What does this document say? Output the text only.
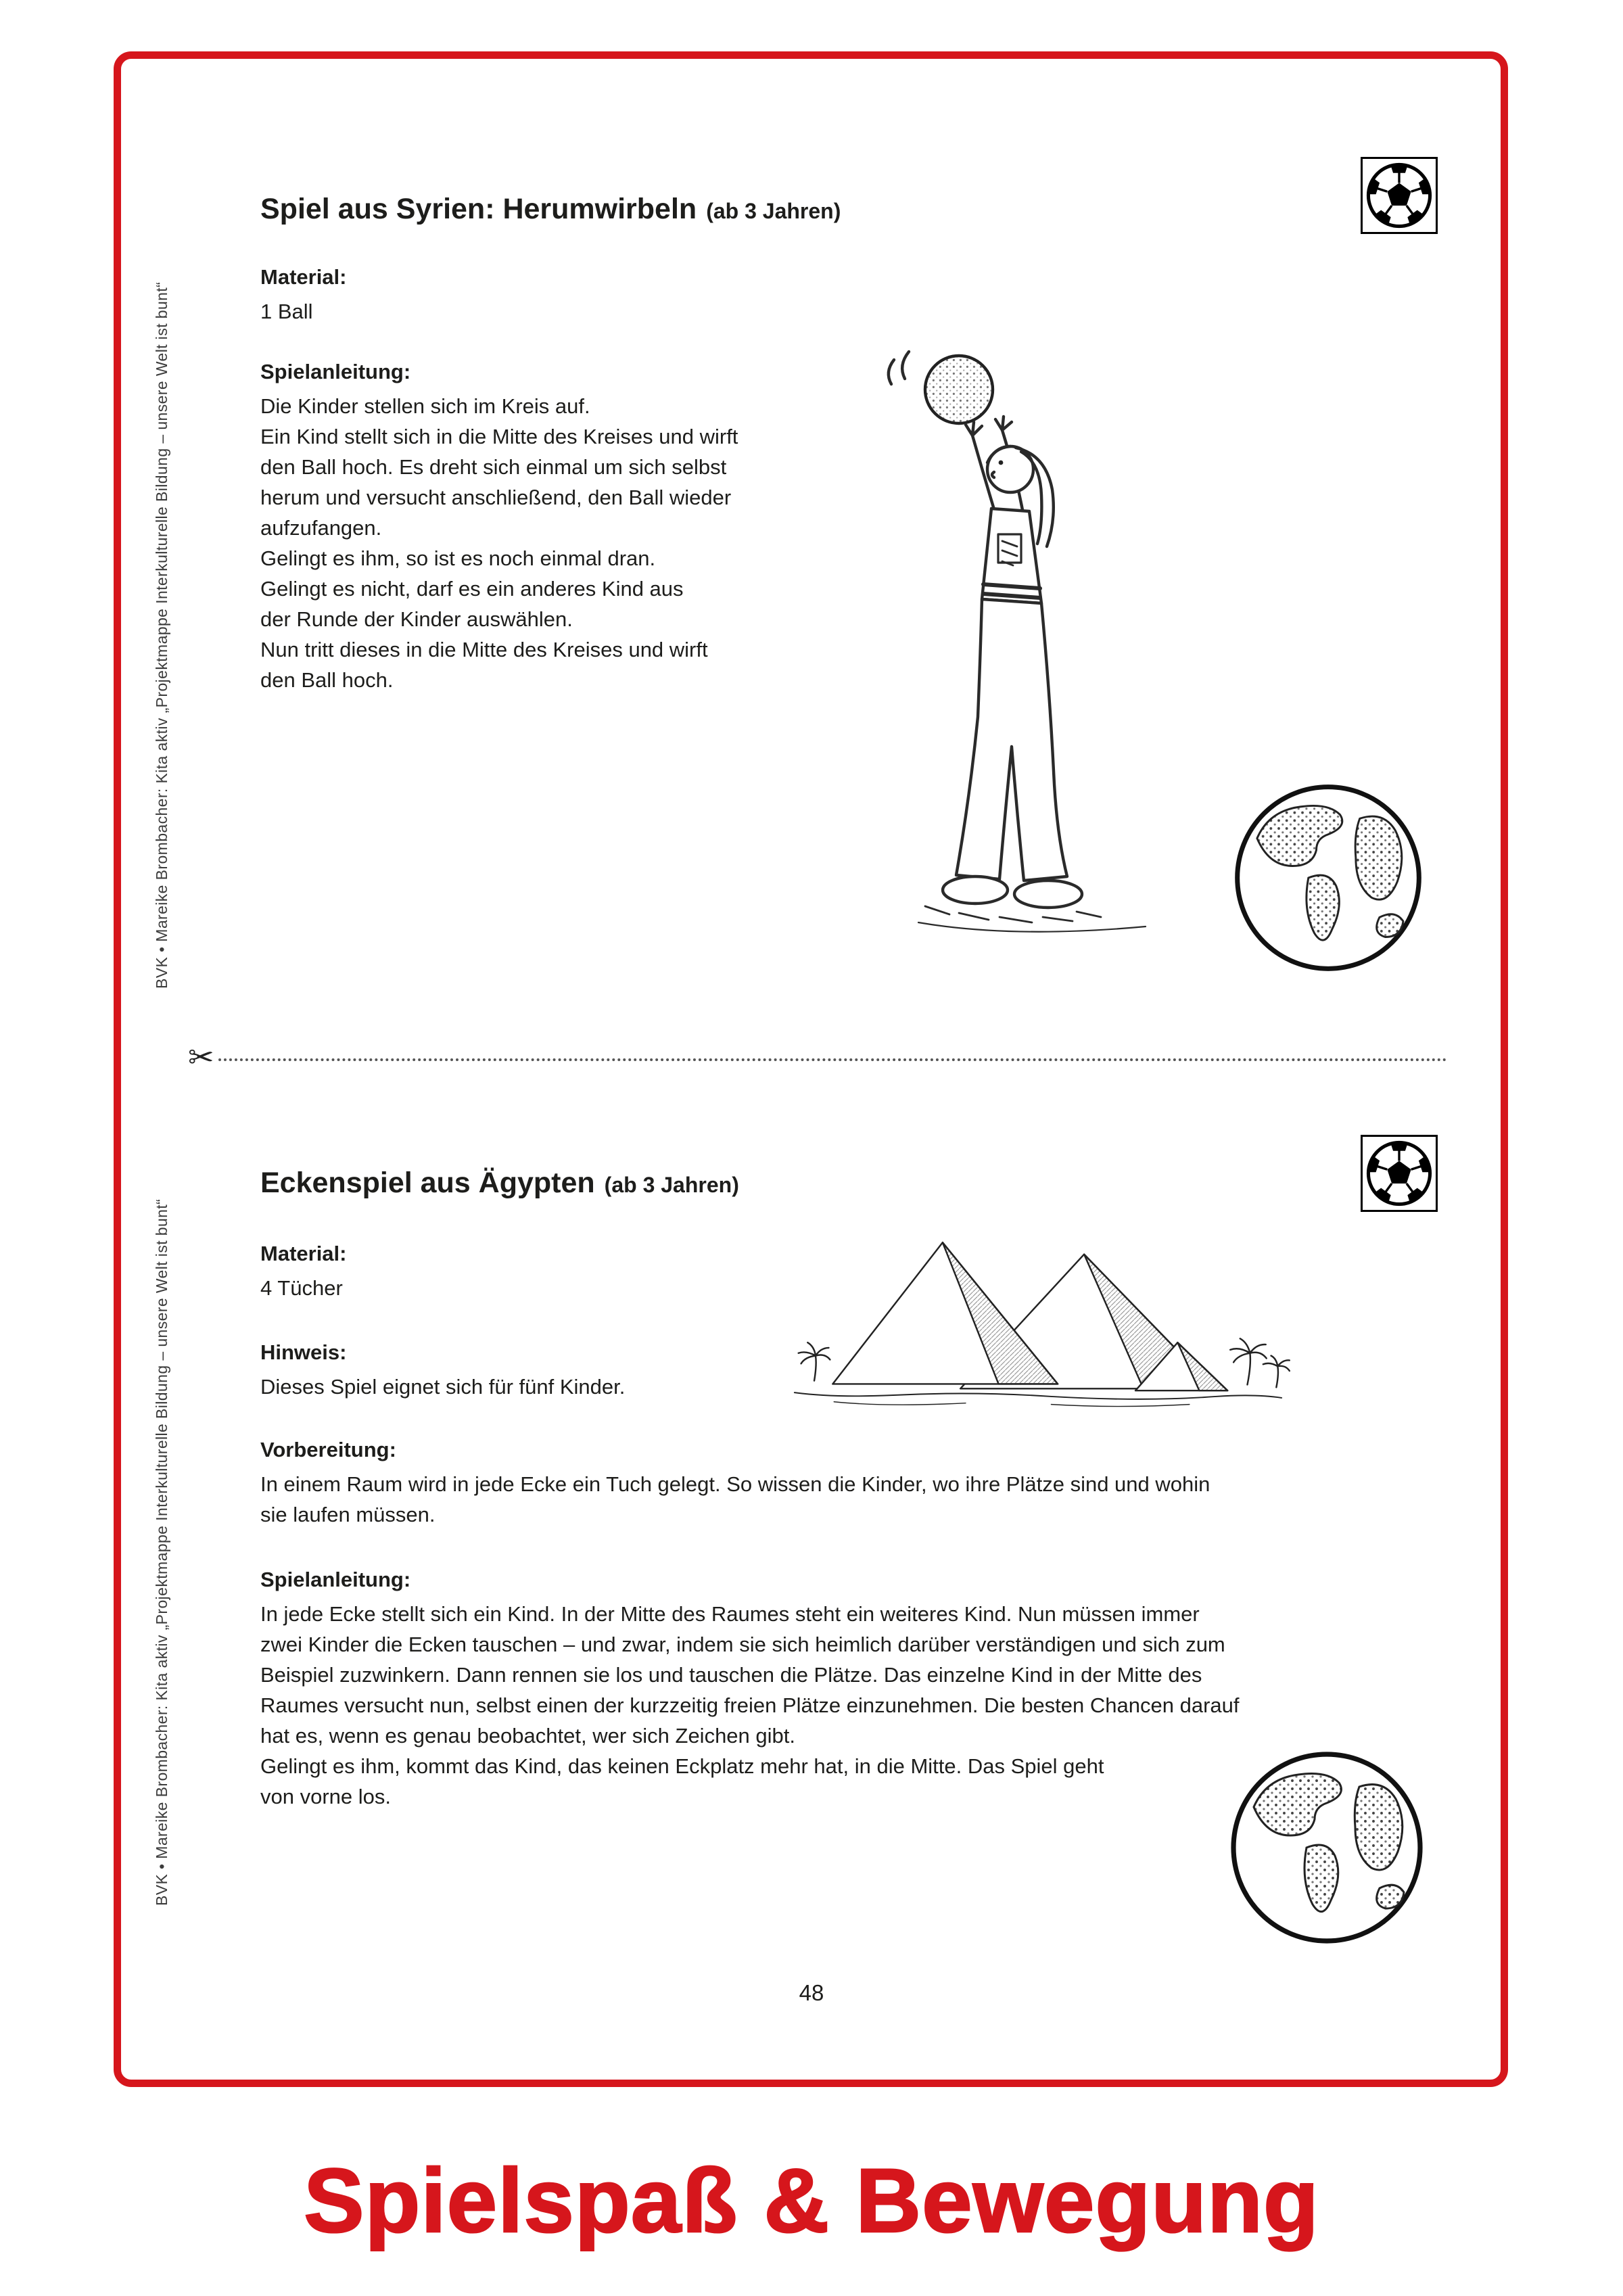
BVK • Mareike Brombacher: Kita aktiv „Projektmappe Interkulturelle Bildung – unsere Welt ist bunt“
BVK • Mareike Brombacher: Kita aktiv „Projektmappe Interkulturelle Bildung – unsere Welt ist bunt“
Spiel aus Syrien: Herumwirbeln (ab 3 Jahren)
Material:
1 Ball
Spielanleitung:
Die Kinder stellen sich im Kreis auf.
Ein Kind stellt sich in die Mitte des Kreises und wirft
den Ball hoch. Es dreht sich einmal um sich selbst
herum und versucht anschließend, den Ball wieder
aufzufangen.
Gelingt es ihm, so ist es noch einmal dran.
Gelingt es nicht, darf es ein anderes Kind aus
der Runde der Kinder auswählen.
Nun tritt dieses in die Mitte des Kreises und wirft
den Ball hoch.
✂
Eckenspiel aus Ägypten (ab 3 Jahren)
Material:
4 Tücher
Hinweis:
Dieses Spiel eignet sich für fünf Kinder.
Vorbereitung:
In einem Raum wird in jede Ecke ein Tuch gelegt. So wissen die Kinder, wo ihre Plätze sind und wohin
sie laufen müssen.
Spielanleitung:
In jede Ecke stellt sich ein Kind. In der Mitte des Raumes steht ein weiteres Kind. Nun müssen immer
zwei Kinder die Ecken tauschen – und zwar, indem sie sich heimlich darüber verständigen und sich zum
Beispiel zuzwinkern. Dann rennen sie los und tauschen die Plätze. Das einzelne Kind in der Mitte des
Raumes versucht nun, selbst einen der kurzzeitig freien Plätze einzunehmen. Die besten Chancen darauf
hat es, wenn es genau beobachtet, wer sich Zeichen gibt.
Gelingt es ihm, kommt das Kind, das keinen Eckplatz mehr hat, in die Mitte. Das Spiel geht
von vorne los.
48
Spielspaß & Bewegung
